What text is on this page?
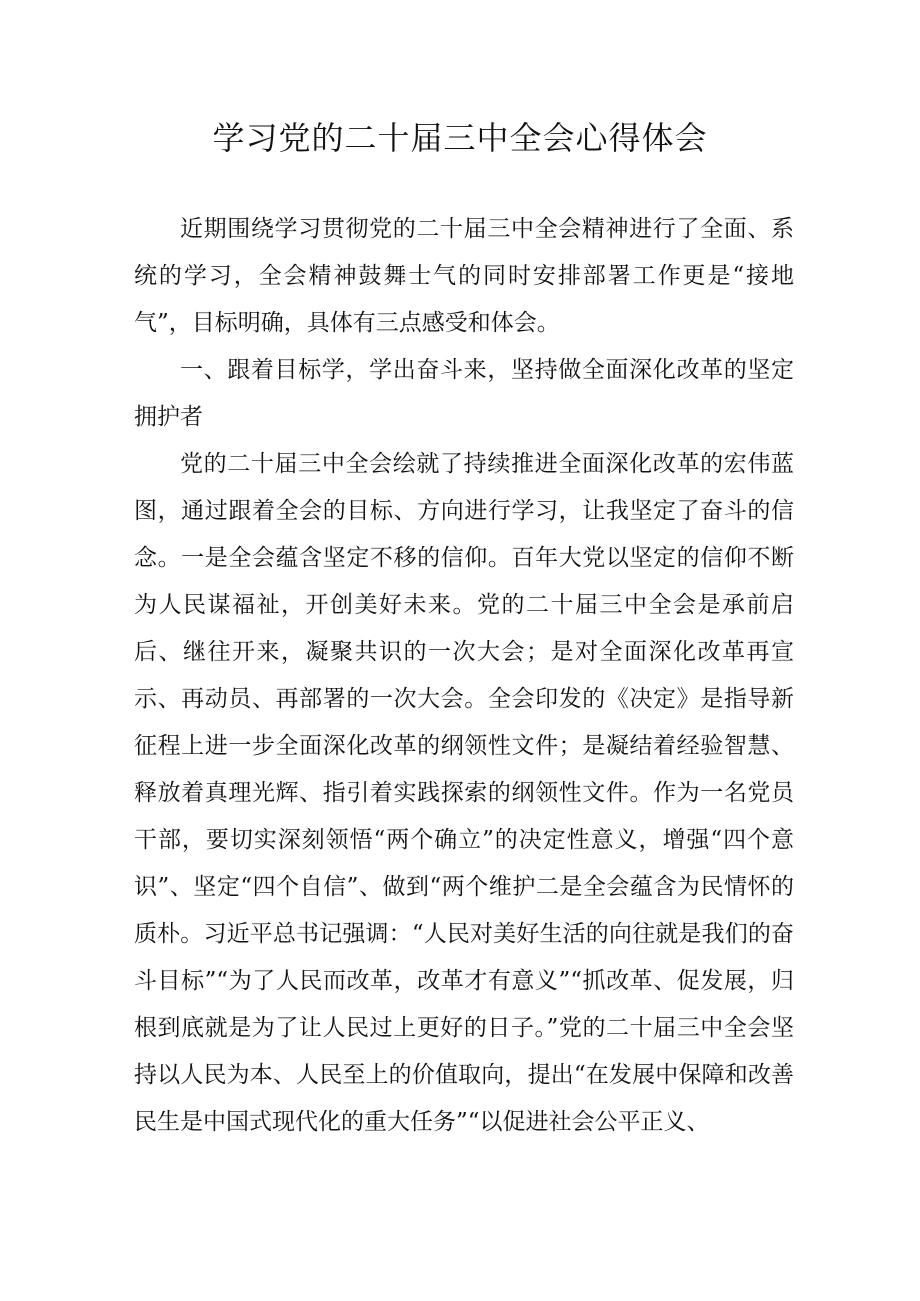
学习党的二十届三中全会心得体会

近期围绕学习贯彻党的二十届三中全会精神进行了全面、系统的学习，全会精神鼓舞士气的同时安排部署工作更是“接地气”，目标明确，具体有三点感受和体会。

一、跟着目标学，学出奋斗来，坚持做全面深化改革的坚定拥护者

党的二十届三中全会绘就了持续推进全面深化改革的宏伟蓝图，通过跟着全会的目标、方向进行学习，让我坚定了奋斗的信念。一是全会蕴含坚定不移的信仰。百年大党以坚定的信仰不断为人民谋福祉，开创美好未来。党的二十届三中全会是承前启后、继往开来，凝聚共识的一次大会；是对全面深化改革再宣示、再动员、再部署的一次大会。全会印发的《决定》是指导新征程上进一步全面深化改革的纲领性文件；是凝结着经验智慧、释放着真理光辉、指引着实践探索的纲领性文件。作为一名党员干部，要切实深刻领悟“两个确立”的决定性意义，增强“四个意识”、坚定“四个自信”、做到“两个维护二是全会蕴含为民情怀的质朴。习近平总书记强调：“人民对美好生活的向往就是我们的奋斗目标”“为了人民而改革，改革才有意义”“抓改革、促发展，归根到底就是为了让人民过上更好的日子。”党的二十届三中全会坚持以人民为本、人民至上的价值取向，提出“在发展中保障和改善民生是中国式现代化的重大任务”“以促进社会公平正义、
